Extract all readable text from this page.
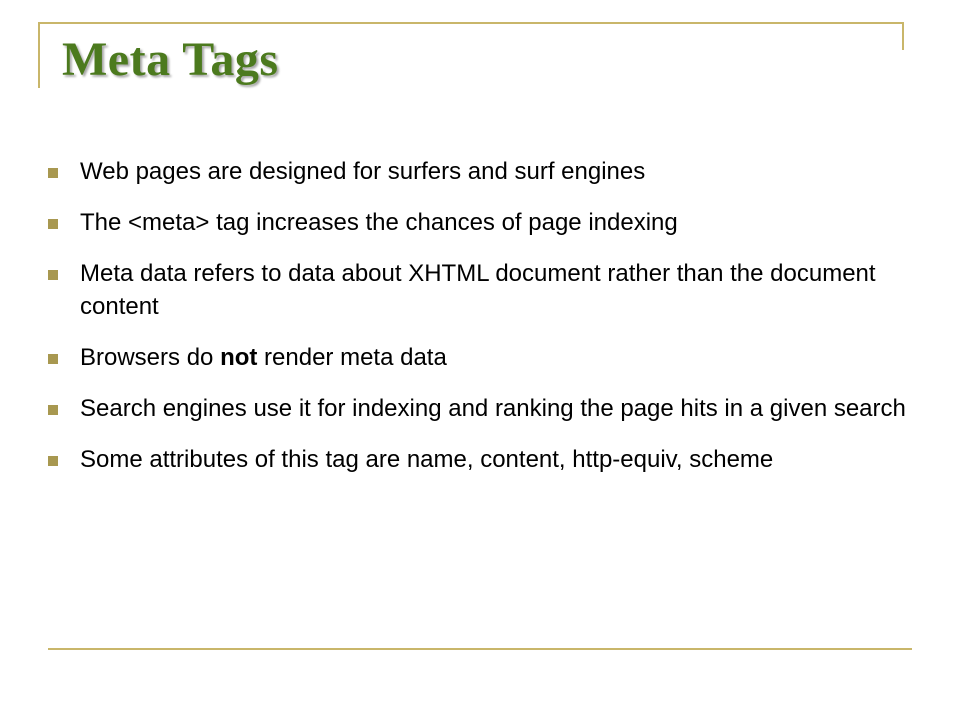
Meta Tags
Web pages are designed for surfers and surf engines
The <meta> tag increases the chances of page indexing
Meta data refers to data about XHTML document rather than the document content
Browsers do not render meta data
Search engines use it for indexing and ranking the page hits in a given search
Some attributes of this tag are name, content, http-equiv, scheme
